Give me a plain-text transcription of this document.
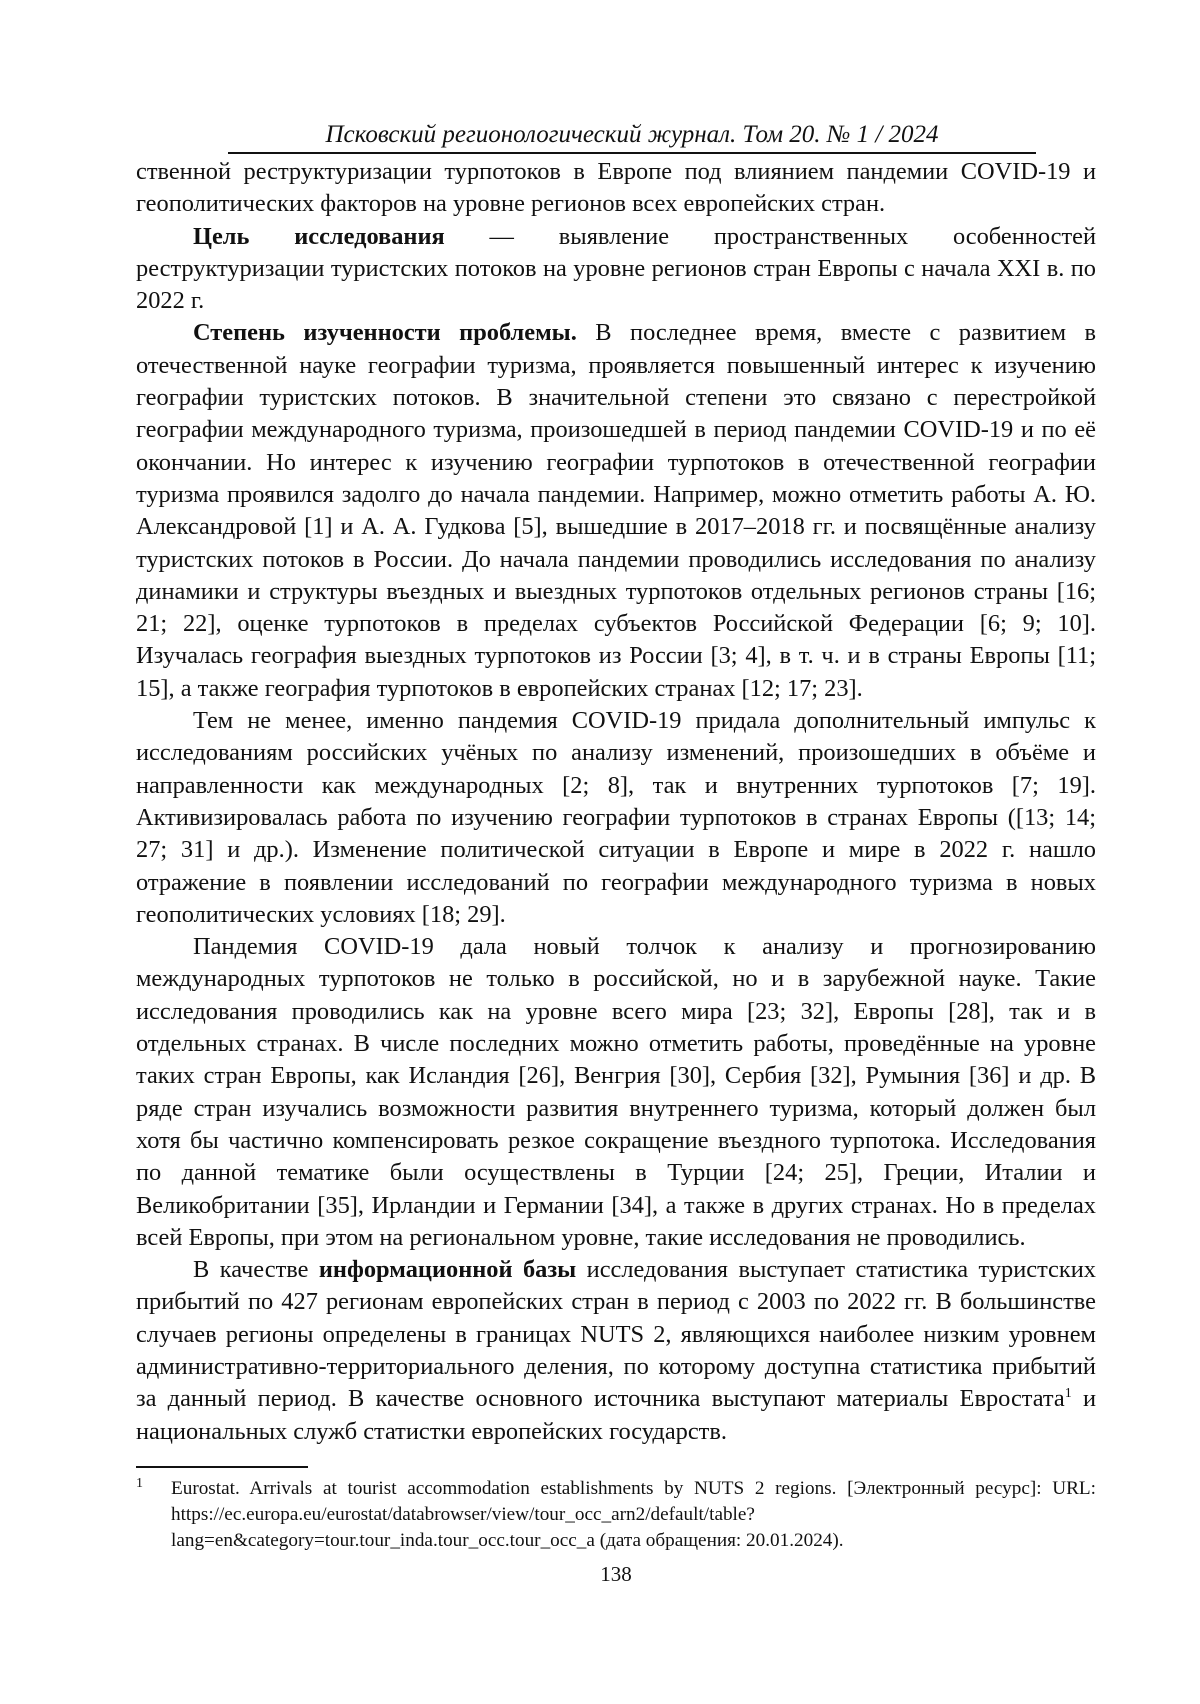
Псковский регионологический журнал. Том 20. № 1 / 2024

ственной реструктуризации турпотоков в Европе под влиянием пандемии COVID-19 и геополитических факторов на уровне регионов всех европейских стран.

Цель исследования — выявление пространственных особенностей реструктуризации туристских потоков на уровне регионов стран Европы с начала XXI в. по 2022 г.

Степень изученности проблемы. В последнее время, вместе с развитием в отечественной науке географии туризма, проявляется повышенный интерес к изучению географии туристских потоков. В значительной степени это связано с перестройкой географии международного туризма, произошедшей в период пандемии COVID-19 и по её окончании. Но интерес к изучению географии турпотоков в отечественной географии туризма проявился задолго до начала пандемии. Например, можно отметить работы А. Ю. Александровой [1] и А. А. Гудкова [5], вышедшие в 2017–2018 гг. и посвящённые анализу туристских потоков в России. До начала пандемии проводились исследования по анализу динамики и структуры въездных и выездных турпотоков отдельных регионов страны [16; 21; 22], оценке турпотоков в пределах субъектов Российской Федерации [6; 9; 10]. Изучалась география выездных турпотоков из России [3; 4], в т. ч. и в страны Европы [11; 15], а также география турпотоков в европейских странах [12; 17; 23].

Тем не менее, именно пандемия COVID-19 придала дополнительный импульс к исследованиям российских учёных по анализу изменений, произошедших в объёме и направленности как международных [2; 8], так и внутренних турпотоков [7; 19]. Активизировалась работа по изучению географии турпотоков в странах Европы ([13; 14; 27; 31] и др.). Изменение политической ситуации в Европе и мире в 2022 г. нашло отражение в появлении исследований по географии международного туризма в новых геополитических условиях [18; 29].

Пандемия COVID-19 дала новый толчок к анализу и прогнозированию международных турпотоков не только в российской, но и в зарубежной науке. Такие исследования проводились как на уровне всего мира [23; 32], Европы [28], так и в отдельных странах. В числе последних можно отметить работы, проведённые на уровне таких стран Европы, как Исландия [26], Венгрия [30], Сербия [32], Румыния [36] и др. В ряде стран изучались возможности развития внутреннего туризма, который должен был хотя бы частично компенсировать резкое сокращение въездного турпотока. Исследования по данной тематике были осуществлены в Турции [24; 25], Греции, Италии и Великобритании [35], Ирландии и Германии [34], а также в других странах. Но в пределах всей Европы, при этом на региональном уровне, такие исследования не проводились.

В качестве информационной базы исследования выступает статистика туристских прибытий по 427 регионам европейских стран в период с 2003 по 2022 гг. В большинстве случаев регионы определены в границах NUTS 2, являющихся наиболее низким уровнем административно-территориального деления, по которому доступна статистика прибытий за данный период. В качестве основного источника выступают материалы Евростата$^1$ и национальных служб статистки европейских государств.

1 Eurostat. Arrivals at tourist accommodation establishments by NUTS 2 regions. [Электронный ресурс]: URL: https://ec.europa.eu/eurostat/databrowser/view/tour_occ_arn2/default/table?lang=en&category=tour.tour_inda.tour_occ.tour_occ_a (дата обращения: 20.01.2024).
138
